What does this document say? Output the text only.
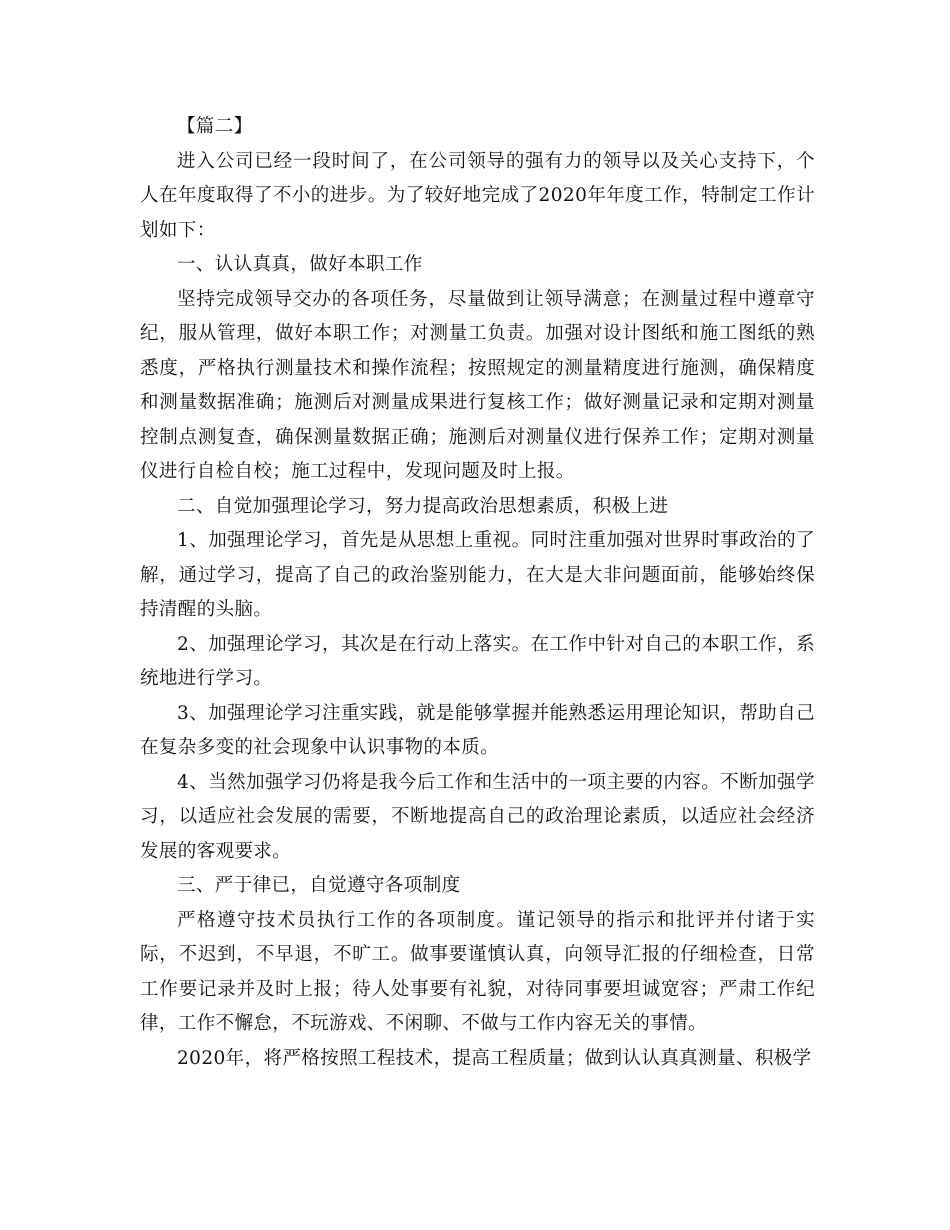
【篇二】

进入公司已经一段时间了，在公司领导的强有力的领导以及关心支持下，个人在年度取得了不小的进步。为了较好地完成了2020年年度工作，特制定工作计划如下：

一、认认真真，做好本职工作

坚持完成领导交办的各项任务，尽量做到让领导满意；在测量过程中遵章守纪，服从管理，做好本职工作；对测量工负责。加强对设计图纸和施工图纸的熟悉度，严格执行测量技术和操作流程；按照规定的测量精度进行施测，确保精度和测量数据准确；施测后对测量成果进行复核工作；做好测量记录和定期对测量控制点测复查，确保测量数据正确；施测后对测量仪进行保养工作；定期对测量仪进行自检自校；施工过程中，发现问题及时上报。

二、自觉加强理论学习，努力提高政治思想素质，积极上进

1、加强理论学习，首先是从思想上重视。同时注重加强对世界时事政治的了解，通过学习，提高了自己的政治鉴别能力，在大是大非问题面前，能够始终保持清醒的头脑。

2、加强理论学习，其次是在行动上落实。在工作中针对自己的本职工作，系统地进行学习。

3、加强理论学习注重实践，就是能够掌握并能熟悉运用理论知识，帮助自己在复杂多变的社会现象中认识事物的本质。

4、当然加强学习仍将是我今后工作和生活中的一项主要的内容。不断加强学习，以适应社会发展的需要，不断地提高自己的政治理论素质，以适应社会经济发展的客观要求。

三、严于律已，自觉遵守各项制度

严格遵守技术员执行工作的各项制度。谨记领导的指示和批评并付诸于实际，不迟到，不早退，不旷工。做事要谨慎认真，向领导汇报的仔细检查，日常工作要记录并及时上报；待人处事要有礼貌，对待同事要坦诚宽容；严肃工作纪律，工作不懈怠，不玩游戏、不闲聊、不做与工作内容无关的事情。

2020年，将严格按照工程技术，提高工程质量；做到认认真真测量、积极学
